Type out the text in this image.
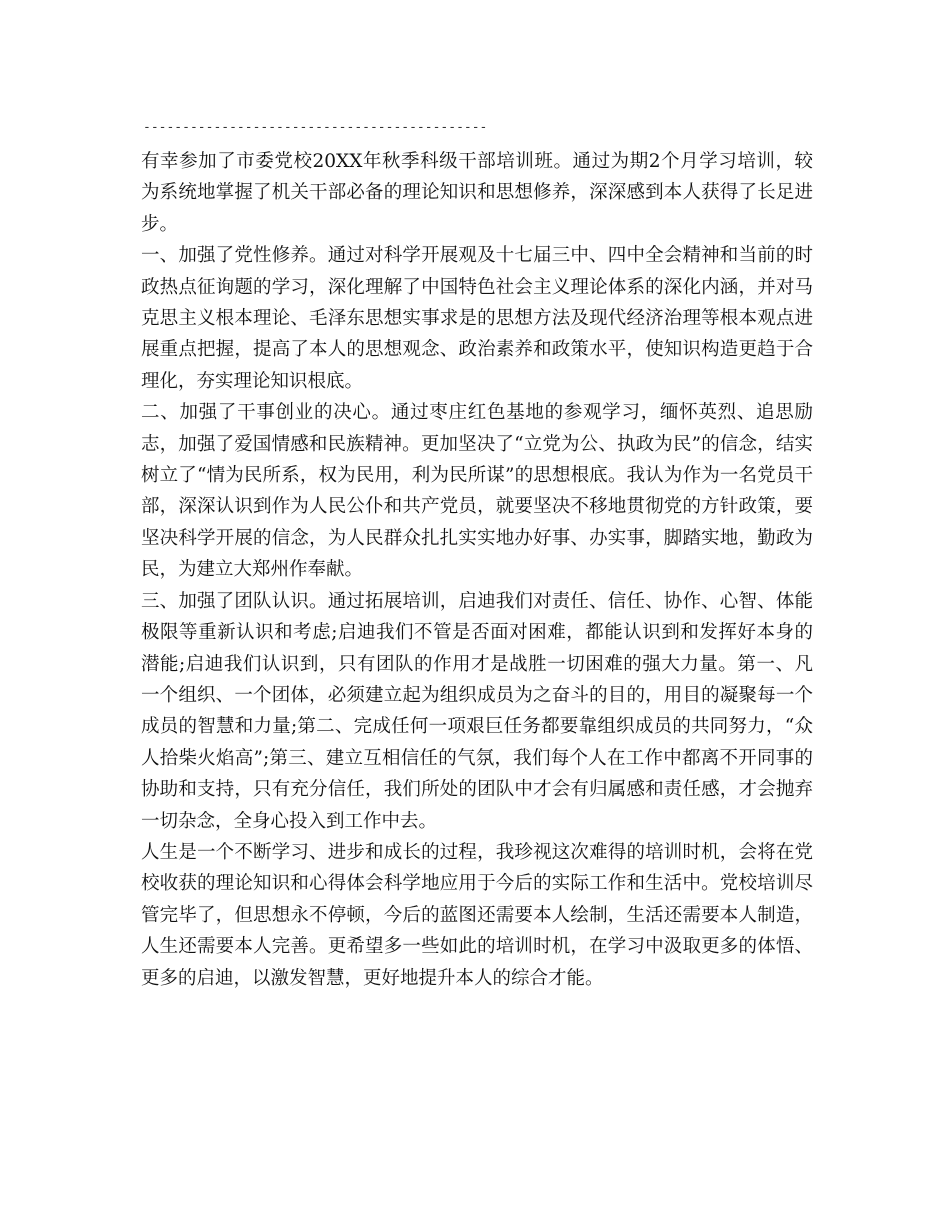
--------------------------------------------

有幸参加了市委党校20XX年秋季科级干部培训班。通过为期2个月学习培训，较为系统地掌握了机关干部必备的理论知识和思想修养，深深感到本人获得了长足进步。

一、加强了党性修养。通过对科学开展观及十七届三中、四中全会精神和当前的时政热点征询题的学习，深化理解了中国特色社会主义理论体系的深化内涵，并对马克思主义根本理论、毛泽东思想实事求是的思想方法及现代经济治理等根本观点进展重点把握，提高了本人的思想观念、政治素养和政策水平，使知识构造更趋于合理化，夯实理论知识根底。

二、加强了干事创业的决心。通过枣庄红色基地的参观学习，缅怀英烈、追思励志，加强了爱国情感和民族精神。更加坚决了“立党为公、执政为民”的信念，结实树立了“情为民所系，权为民用，利为民所谋”的思想根底。我认为作为一名党员干部，深深认识到作为人民公仆和共产党员，就要坚决不移地贯彻党的方针政策，要坚决科学开展的信念，为人民群众扎扎实实地办好事、办实事，脚踏实地，勤政为民，为建立大郑州作奉献。

三、加强了团队认识。通过拓展培训，启迪我们对责任、信任、协作、心智、体能极限等重新认识和考虑;启迪我们不管是否面对困难，都能认识到和发挥好本身的潜能;启迪我们认识到，只有团队的作用才是战胜一切困难的强大力量。第一、凡一个组织、一个团体，必须建立起为组织成员为之奋斗的目的，用目的凝聚每一个成员的智慧和力量;第二、完成任何一项艰巨任务都要靠组织成员的共同努力，“众人拾柴火焰高”;第三、建立互相信任的气氛，我们每个人在工作中都离不开同事的协助和支持，只有充分信任，我们所处的团队中才会有归属感和责任感，才会抛弃一切杂念，全身心投入到工作中去。

人生是一个不断学习、进步和成长的过程，我珍视这次难得的培训时机，会将在党校收获的理论知识和心得体会科学地应用于今后的实际工作和生活中。党校培训尽管完毕了，但思想永不停顿，今后的蓝图还需要本人绘制，生活还需要本人制造，人生还需要本人完善。更希望多一些如此的培训时机，在学习中汲取更多的体悟、更多的启迪，以激发智慧，更好地提升本人的综合才能。
